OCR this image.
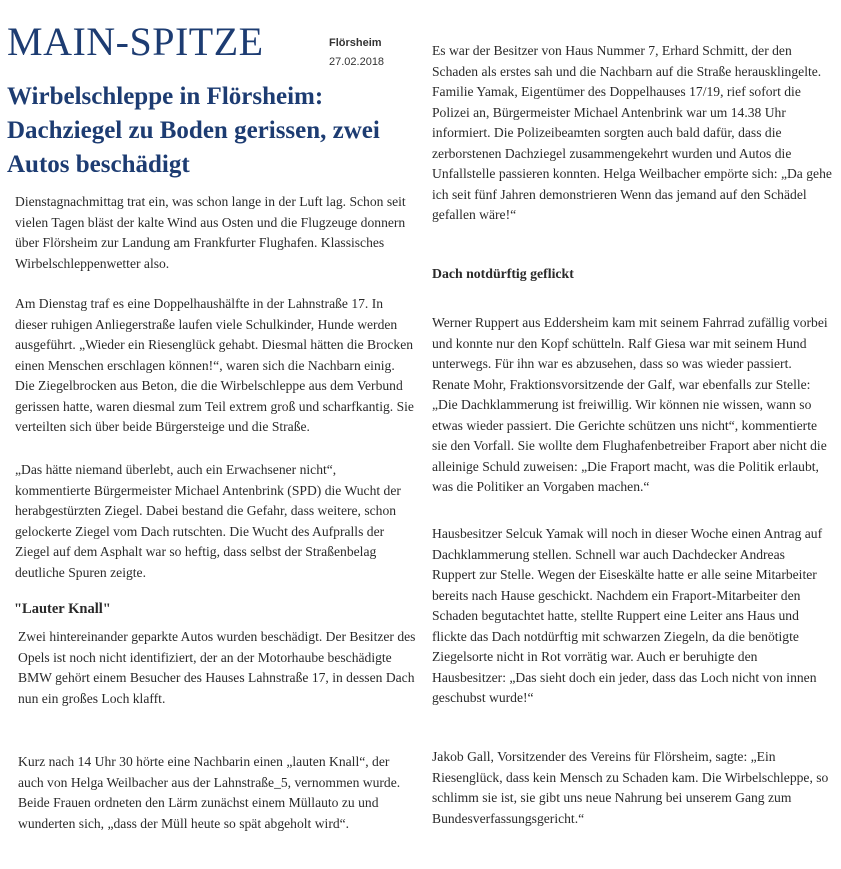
MAIN-SPITZE	Flörsheim
27.02.2018
Wirbelschleppe in Flörsheim: Dachziegel zu Boden gerissen, zwei Autos beschädigt

Dienstagnachmittag trat ein, was schon lange in der Luft lag. Schon seit vielen Tagen bläst der kalte Wind aus Osten und die Flugzeuge donnern über Flörsheim zur Landung am Frankfurter Flughafen. Klassisches Wirbelschleppenwetter also.

Am Dienstag traf es eine Doppelhaushälfte in der Lahnstraße 17. In dieser ruhigen Anliegerstraße laufen viele Schulkinder, Hunde werden ausgeführt. „Wieder ein Riesenglück gehabt. Diesmal hätten die Brocken einen Menschen erschlagen können!“, waren sich die Nachbarn einig. Die Ziegelbrocken aus Beton, die die Wirbelschleppe aus dem Verbund gerissen hatte, waren diesmal zum Teil extrem groß und scharfkantig. Sie verteilten sich über beide Bürgersteige und die Straße.

„Das hätte niemand überlebt, auch ein Erwachsener nicht“, kommentierte Bürgermeister Michael Antenbrink (SPD) die Wucht der herabgestürzten Ziegel. Dabei bestand die Gefahr, dass weitere, schon gelockerte Ziegel vom Dach rutschten. Die Wucht des Aufpralls der Ziegel auf dem Asphalt war so heftig, dass selbst der Straßenbelag deutliche Spuren zeigte.

"Lauter Knall"

Zwei hintereinander geparkte Autos wurden beschädigt. Der Besitzer des Opels ist noch nicht identifiziert, der an der Motorhaube beschädigte BMW gehört einem Besucher des Hauses Lahnstraße 17, in dessen Dach nun ein großes Loch klafft.

Kurz nach 14 Uhr 30 hörte eine Nachbarin einen „lauten Knall“, der auch von Helga Weilbacher aus der Lahnstraße_5, vernommen wurde. Beide Frauen ordneten den Lärm zunächst einem Müllauto zu und wunderten sich, „dass der Müll heute so spät abgeholt wird“.

Es war der Besitzer von Haus Nummer 7, Erhard Schmitt, der den Schaden als erstes sah und die Nachbarn auf die Straße herausklingelte. Familie Yamak, Eigentümer des Doppelhauses 17/19, rief sofort die Polizei an, Bürgermeister Michael Antenbrink war um 14.38 Uhr informiert. Die Polizeibeamten sorgten auch bald dafür, dass die zerborstenen Dachziegel zusammengekehrt wurden und Autos die Unfallstelle passieren konnten. Helga Weilbacher empörte sich: „Da gehe ich seit fünf Jahren demonstrieren Wenn das jemand auf den Schädel gefallen wäre!“

Dach notdürftig geflickt

Werner Ruppert aus Eddersheim kam mit seinem Fahrrad zufällig vorbei und konnte nur den Kopf schütteln. Ralf Giesa war mit seinem Hund unterwegs. Für ihn war es abzusehen, dass so was wieder passiert. Renate Mohr, Fraktionsvorsitzende der Galf, war ebenfalls zur Stelle: „Die Dachklammerung ist freiwillig. Wir können nie wissen, wann so etwas wieder passiert. Die Gerichte schützen uns nicht“, kommentierte sie den Vorfall. Sie wollte dem Flughafenbetreiber Fraport aber nicht die alleinige Schuld zuweisen: „Die Fraport macht, was die Politik erlaubt, was die Politiker an Vorgaben machen.“

Hausbesitzer Selcuk Yamak will noch in dieser Woche einen Antrag auf Dachklammerung stellen. Schnell war auch Dachdecker Andreas Ruppert zur Stelle. Wegen der Eiseskälte hatte er alle seine Mitarbeiter bereits nach Hause geschickt. Nachdem ein Fraport-Mitarbeiter den Schaden begutachtet hatte, stellte Ruppert eine Leiter ans Haus und flickte das Dach notdürftig mit schwarzen Ziegeln, da die benötigte Ziegelsorte nicht in Rot vorrätig war. Auch er beruhigte den Hausbesitzer: „Das sieht doch ein jeder, dass das Loch nicht von innen geschubst wurde!“

Jakob Gall, Vorsitzender des Vereins für Flörsheim, sagte: „Ein Riesenglück, dass kein Mensch zu Schaden kam. Die Wirbelschleppe, so schlimm sie ist, sie gibt uns neue Nahrung bei unserem Gang zum Bundesverfassungsgericht.“
